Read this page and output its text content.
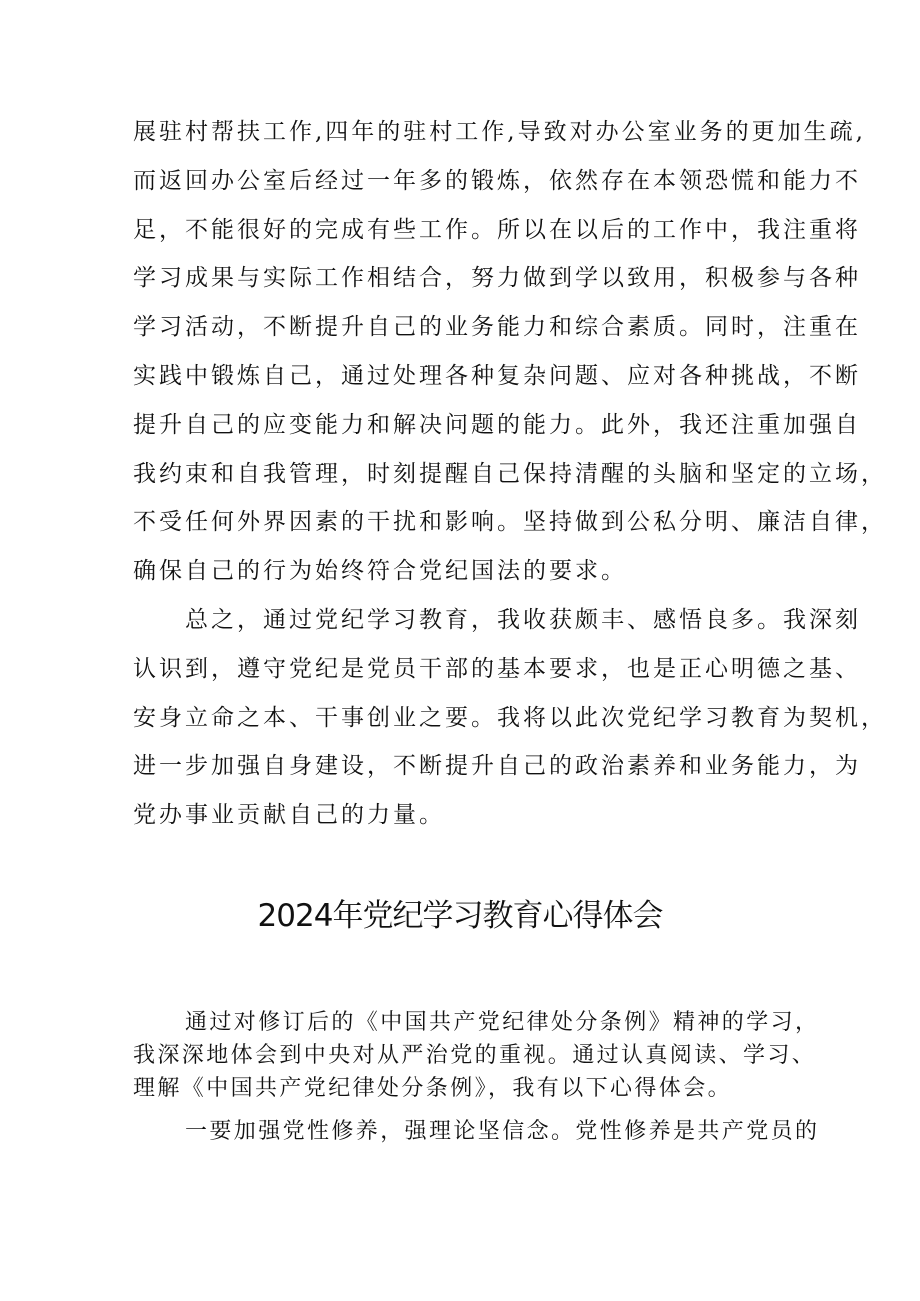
展驻村帮扶工作,四年的驻村工作,导致对办公室业务的更加生疏,

而返回办公室后经过一年多的锻炼，依然存在本领恐慌和能力不

足，不能很好的完成有些工作。所以在以后的工作中，我注重将

学习成果与实际工作相结合，努力做到学以致用，积极参与各种

学习活动，不断提升自己的业务能力和综合素质。同时，注重在

实践中锻炼自己，通过处理各种复杂问题、应对各种挑战，不断

提升自己的应变能力和解决问题的能力。此外，我还注重加强自

我约束和自我管理，时刻提醒自己保持清醒的头脑和坚定的立场，

不受任何外界因素的干扰和影响。坚持做到公私分明、廉洁自律，

确保自己的行为始终符合党纪国法的要求。

总之，通过党纪学习教育，我收获颇丰、感悟良多。我深刻

认识到，遵守党纪是党员干部的基本要求，也是正心明德之基、

安身立命之本、干事创业之要。我将以此次党纪学习教育为契机，

进一步加强自身建设，不断提升自己的政治素养和业务能力，为

党办事业贡献自己的力量。

2024年党纪学习教育心得体会

通过对修订后的《中国共产党纪律处分条例》精神的学习，

我深深地体会到中央对从严治党的重视。通过认真阅读、学习、

理解《中国共产党纪律处分条例》，我有以下心得体会。

一要加强党性修养，强理论坚信念。党性修养是共产党员的
